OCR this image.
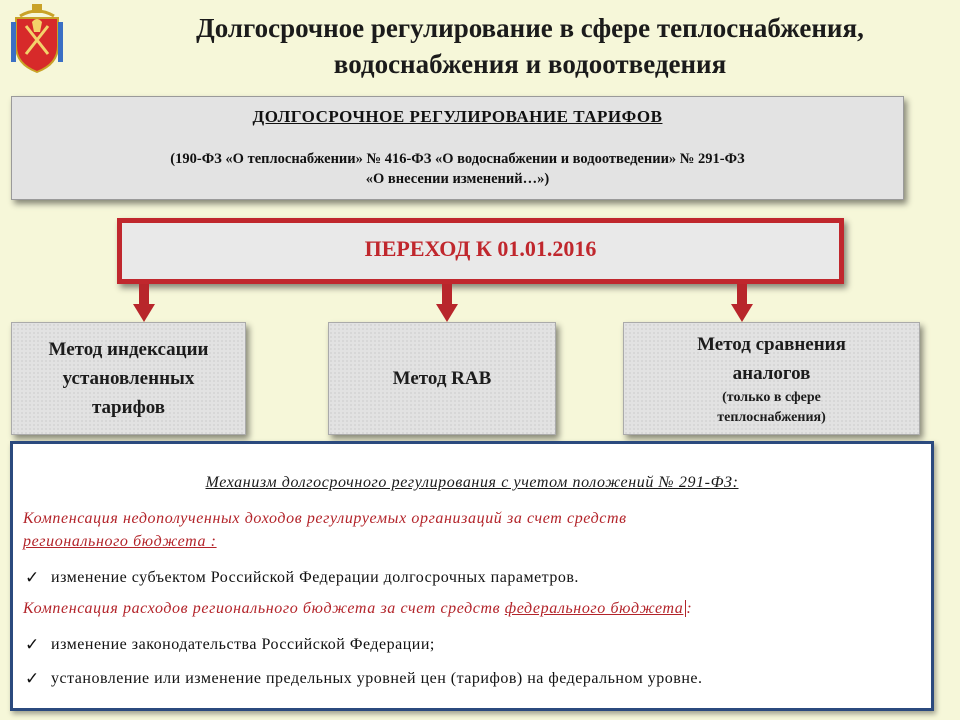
Долгосрочное регулирование в сфере теплоснабжения,
водоснабжения и водоотведения
ДОЛГОСРОЧНОЕ РЕГУЛИРОВАНИЕ ТАРИФОВ
(190-ФЗ «О теплоснабжении» № 416-ФЗ «О водоснабжении и водоотведении» № 291-ФЗ
«О внесении изменений…»)
ПЕРЕХОД К 01.01.2016
Метод индексации
установленных
тарифов
Метод RAB
Метод сравнения
аналогов
(только в сфере
теплоснабжения)
Механизм долгосрочного регулирования с учетом положений № 291-ФЗ:
Компенсация недополученных доходов регулируемых организаций за счет средств
регионального бюджета :
✓ изменение субъектом Российской Федерации долгосрочных параметров.
Компенсация расходов регионального бюджета за счет средств федерального бюджета :
✓ изменение законодательства Российской Федерации;
✓ установление или изменение предельных уровней цен (тарифов) на федеральном уровне.
